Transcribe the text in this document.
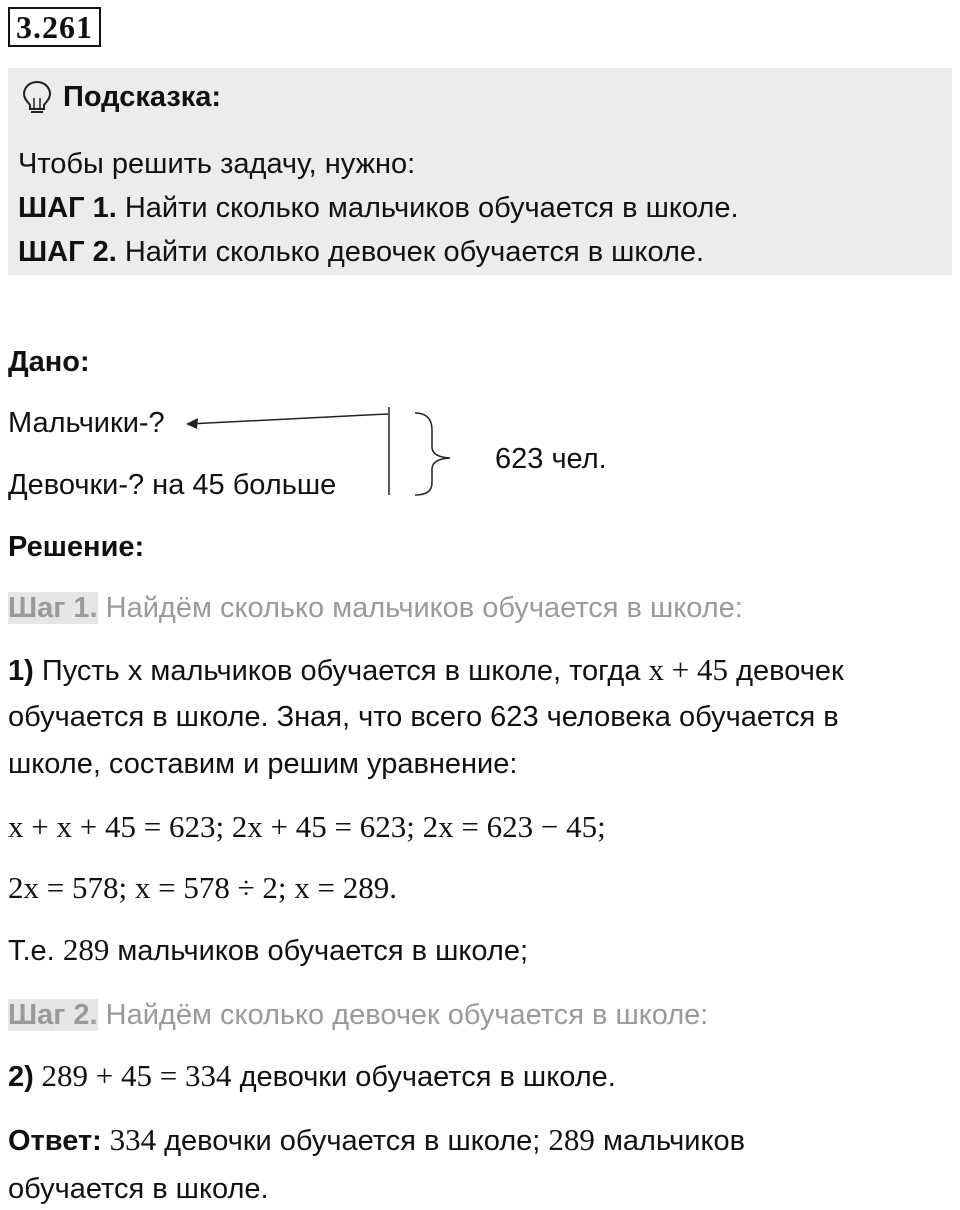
3.261
Подсказка:
Чтобы решить задачу, нужно:
ШАГ 1. Найти сколько мальчиков обучается в школе.
ШАГ 2. Найти сколько девочек обучается в школе.
Дано:
Мальчики-?
Девочки-? на 45 больше
623 чел.
Решение:
Шаг 1. Найдём сколько мальчиков обучается в школе:
1) Пусть x мальчиков обучается в школе, тогда x + 45 девочек
обучается в школе. Зная, что всего 623 человека обучается в
школе, составим и решим уравнение:
x + x + 45 = 623; 2x + 45 = 623; 2x = 623 − 45;
2x = 578; x = 578 ÷ 2; x = 289.
Т.е. 289 мальчиков обучается в школе;
Шаг 2. Найдём сколько девочек обучается в школе:
2) 289 + 45 = 334 девочки обучается в школе.
Ответ: 334 девочки обучается в школе; 289 мальчиков
обучается в школе.
